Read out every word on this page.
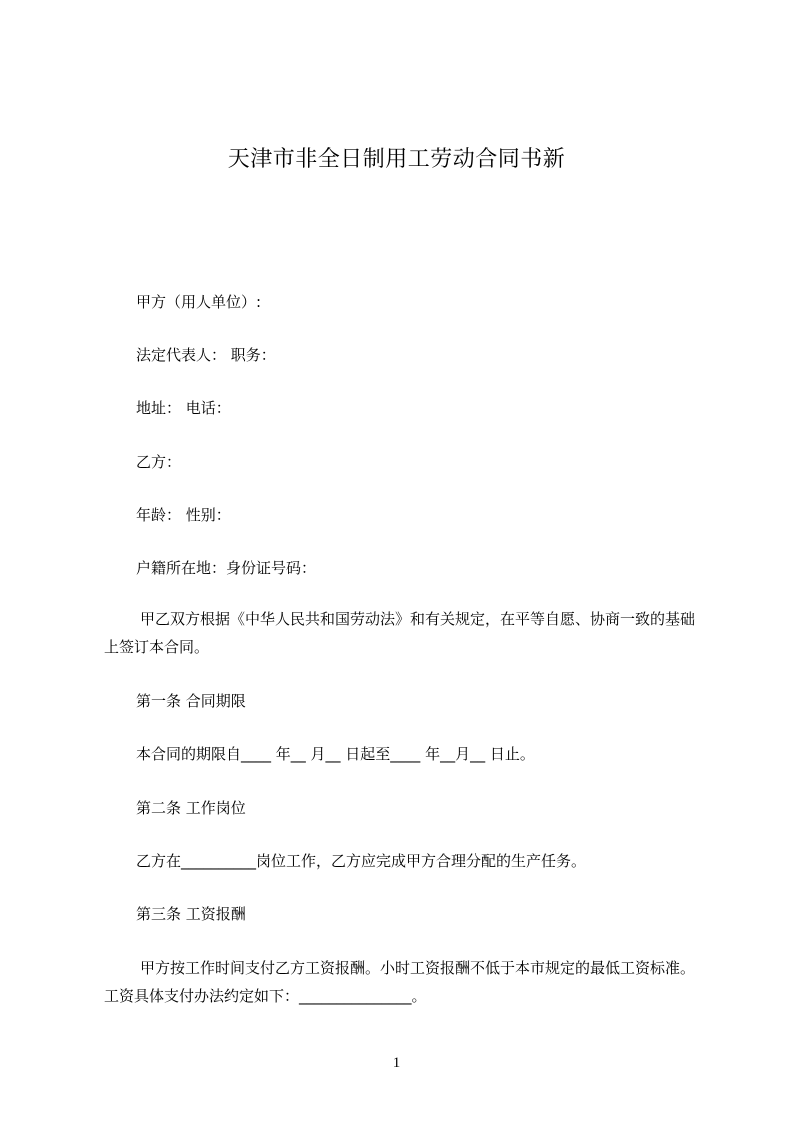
天津市非全日制用工劳动合同书新
甲方（用人单位）:
法定代表人： 职务：
地址： 电话：
乙方：
年龄： 性别：
户籍所在地：身份证号码：
甲乙双方根据《中华人民共和国劳动法》和有关规定，在平等自愿、协商一致的基础上签订本合同。
第一条 合同期限
本合同的期限自____ 年__ 月__ 日起至____ 年__月__ 日止。
第二条 工作岗位
乙方在__________岗位工作，乙方应完成甲方合理分配的生产任务。
第三条 工资报酬
甲方按工作时间支付乙方工资报酬。小时工资报酬不低于本市规定的最低工资标准。工资具体支付办法约定如下：_______________。
1
